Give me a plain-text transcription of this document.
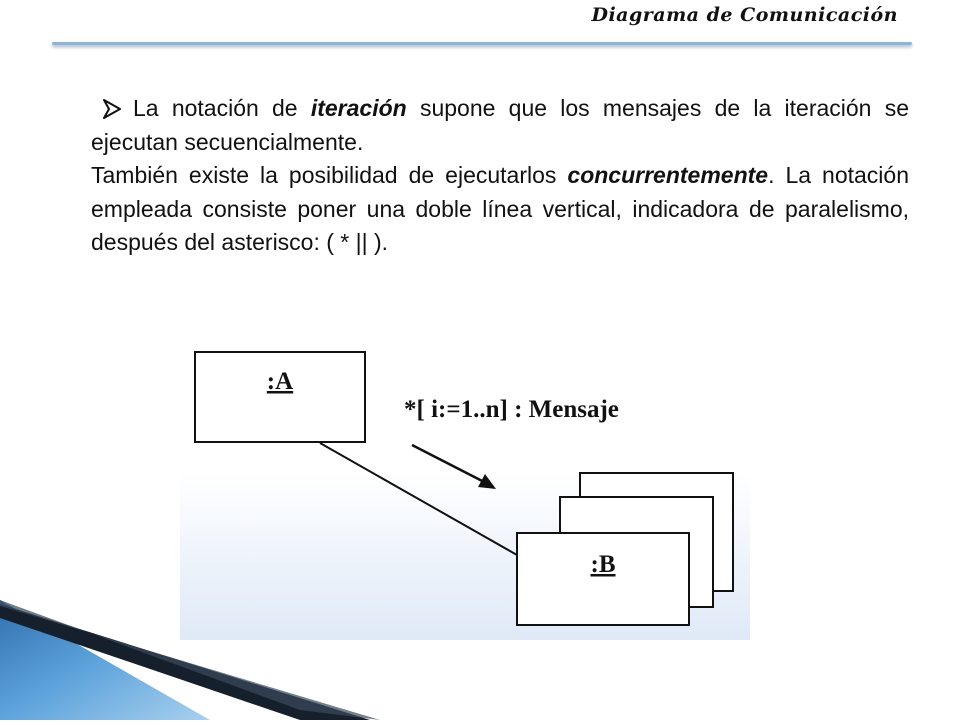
Diagrama de Comunicación

La notación de iteración supone que los mensajes de la iteración se ejecutan secuencialmente.

También existe la posibilidad de ejecutarlos concurrentemente. La notación empleada consiste poner una doble línea vertical, indicadora de paralelismo, después del asterisco: ( * || ).

:A
*[ i:=1..n] : Mensaje
:B
